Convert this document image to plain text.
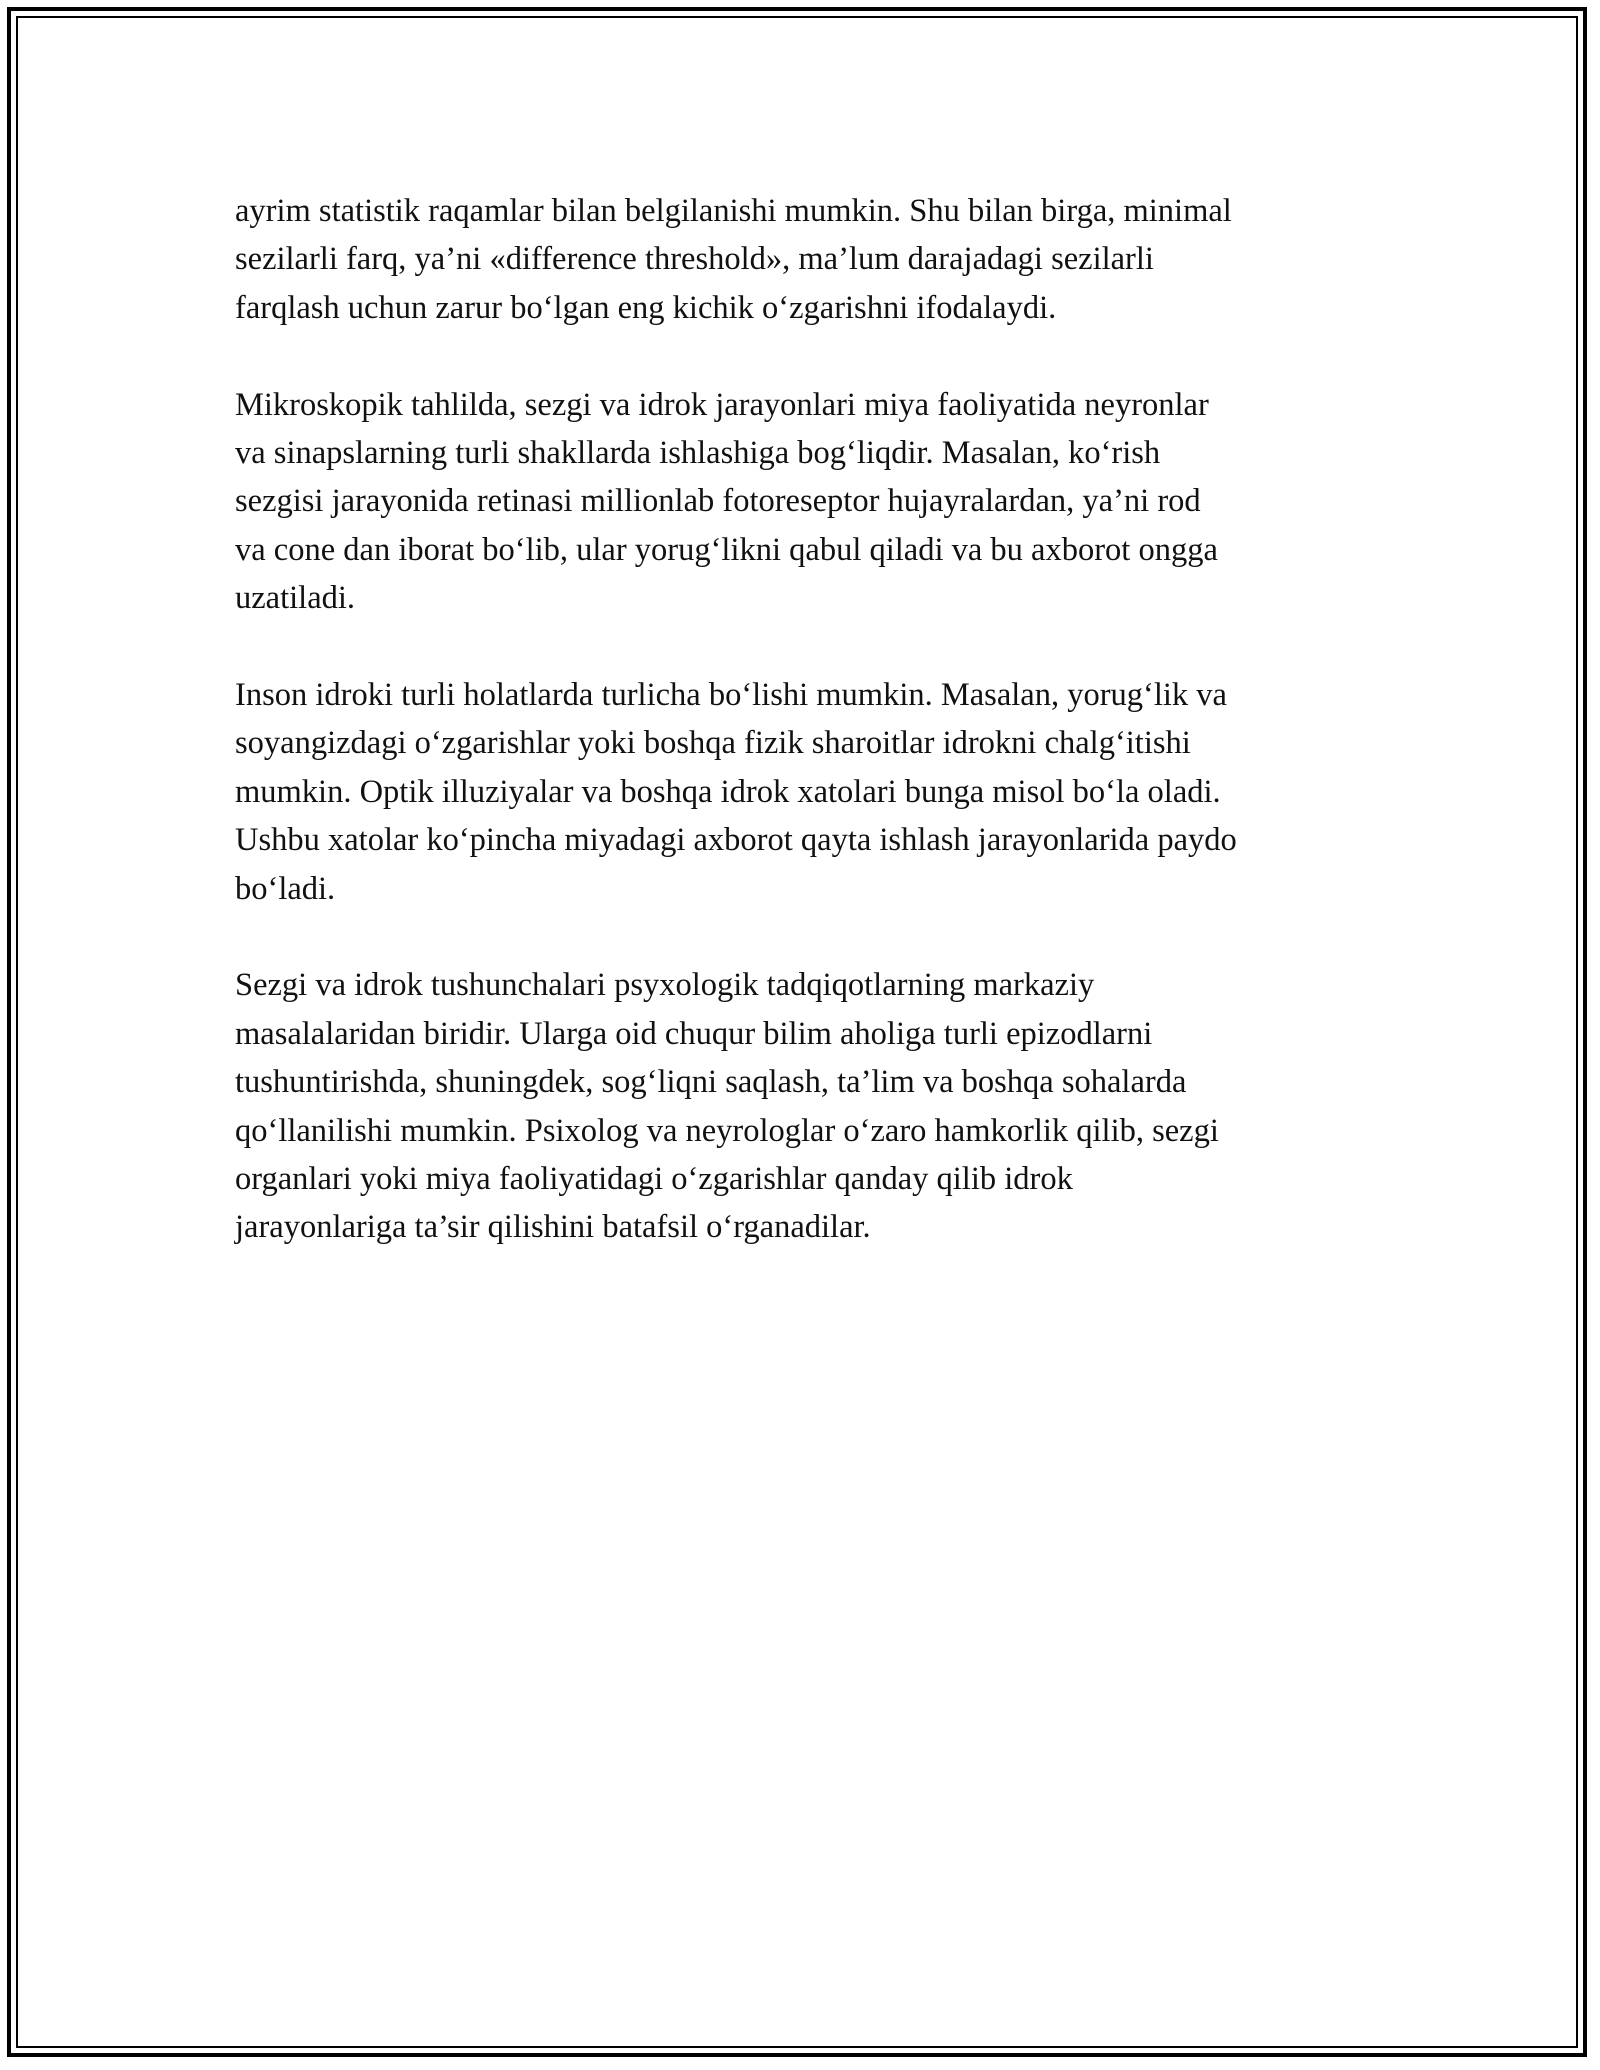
ayrim statistik raqamlar bilan belgilanishi mumkin. Shu bilan birga, minimal
sezilarli farq, ya’ni «difference threshold», ma’lum darajadagi sezilarli
farqlash uchun zarur bo‘lgan eng kichik o‘zgarishni ifodalaydi.

Mikroskopik tahlilda, sezgi va idrok jarayonlari miya faoliyatida neyronlar
va sinapslarning turli shakllarda ishlashiga bog‘liqdir. Masalan, ko‘rish
sezgisi jarayonida retinasi millionlab fotoreseptor hujayralardan, ya’ni rod
va cone dan iborat bo‘lib, ular yorug‘likni qabul qiladi va bu axborot ongga
uzatiladi.

Inson idroki turli holatlarda turlicha bo‘lishi mumkin. Masalan, yorug‘lik va
soyangizdagi o‘zgarishlar yoki boshqa fizik sharoitlar idrokni chalg‘itishi
mumkin. Optik illuziyalar va boshqa idrok xatolari bunga misol bo‘la oladi.
Ushbu xatolar ko‘pincha miyadagi axborot qayta ishlash jarayonlarida paydo
bo‘ladi.

Sezgi va idrok tushunchalari psyxologik tadqiqotlarning markaziy
masalalaridan biridir. Ularga oid chuqur bilim aholiga turli epizodlarni
tushuntirishda, shuningdek, sog‘liqni saqlash, ta’lim va boshqa sohalarda
qo‘llanilishi mumkin. Psixolog va neyrologlar o‘zaro hamkorlik qilib, sezgi
organlari yoki miya faoliyatidagi o‘zgarishlar qanday qilib idrok
jarayonlariga ta’sir qilishini batafsil o‘rganadilar.
